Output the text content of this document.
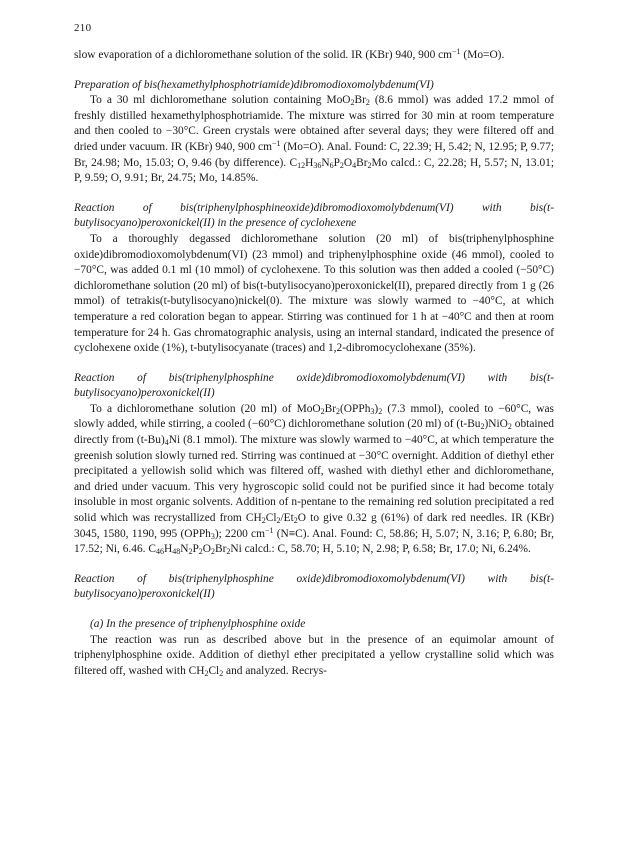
210

slow evaporation of a dichloromethane solution of the solid. IR (KBr) 940, 900 $cm^{-1}$ (Mo=O).

Preparation of bis(hexamethylphosphotriamide)dibromodioxomolybdenum(VI)

To a 30 ml dichloromethane solution containing $MoO_2Br_2$ (8.6 mmol) was added 17.2 mmol of freshly distilled hexamethylphosphotriamide. The mixture was stirred for 30 min at room temperature and then cooled to −30°C. Green crystals were obtained after several days; they were filtered off and dried under vacuum. IR (KBr) 940, 900 $cm^{-1}$ (Mo=O). Anal. Found: C, 22.39; H, 5.42; N, 12.95; P, 9.77; Br, 24.98; Mo, 15.03; O, 9.46 (by difference). $C_{12}H_{36}N_6P_2O_4Br_2Mo$ calcd.: C, 22.28; H, 5.57; N, 13.01; P, 9.59; O, 9.91; Br, 24.75; Mo, 14.85%.

Reaction of bis(triphenylphosphineoxide)dibromodioxomolybdenum(VI) with bis(t-butylisocyano)peroxonickel(II) in the presence of cyclohexene

To a thoroughly degassed dichloromethane solution (20 ml) of bis(triphenylphosphine oxide)dibromodioxomolybdenum(VI) (23 mmol) and triphenylphosphine oxide (46 mmol), cooled to −70°C, was added 0.1 ml (10 mmol) of cyclohexene. To this solution was then added a cooled (−50°C) dichloromethane solution (20 ml) of bis(t-butylisocyano)peroxonickel(II), prepared directly from 1 g (26 mmol) of tetrakis(t-butylisocyano)nickel(0). The mixture was slowly warmed to −40°C, at which temperature a red coloration began to appear. Stirring was continued for 1 h at −40°C and then at room temperature for 24 h. Gas chromatographic analysis, using an internal standard, indicated the presence of cyclohexene oxide (1%), t-butylisocyanate (traces) and 1,2-dibromocyclohexane (35%).

Reaction of bis(triphenylphosphine oxide)dibromodioxomolybdenum(VI) with bis(t-butylisocyano)peroxonickel(II)

To a dichloromethane solution (20 ml) of $MoO_2Br_2(OPPh_3)_2$ (7.3 mmol), cooled to −60°C, was slowly added, while stirring, a cooled (−60°C) dichloromethane solution (20 ml) of $(t-Bu_2)NiO_2$ obtained directly from $(t-Bu)_4Ni$ (8.1 mmol). The mixture was slowly warmed to −40°C, at which temperature the greenish solution slowly turned red. Stirring was continued at −30°C overnight. Addition of diethyl ether precipitated a yellowish solid which was filtered off, washed with diethyl ether and dichloromethane, and dried under vacuum. This very hygroscopic solid could not be purified since it had become totaly insoluble in most organic solvents. Addition of n-pentane to the remaining red solution precipitated a red solid which was recrystallized from $CH_2Cl_2/Et_2O$ to give 0.32 g (61%) of dark red needles. IR (KBr) 3045, 1580, 1190, 995 (OPPh$_3$); 2200 $cm^{-1}$ (N≡C). Anal. Found: C, 58.86; H, 5.07; N, 3.16; P, 6.80; Br, 17.52; Ni, 6.46. $C_{46}H_{48}N_2P_2O_2Br_2Ni$ calcd.: C, 58.70; H, 5.10; N, 2.98; P, 6.58; Br, 17.0; Ni, 6.24%.

Reaction of bis(triphenylphosphine oxide)dibromodioxomolybdenum(VI) with bis(t-butylisocyano)peroxonickel(II)

(a) In the presence of triphenylphosphine oxide

The reaction was run as described above but in the presence of an equimolar amount of triphenylphosphine oxide. Addition of diethyl ether precipitated a yellow crystalline solid which was filtered off, washed with $CH_2Cl_2$ and analyzed. Recrys-
